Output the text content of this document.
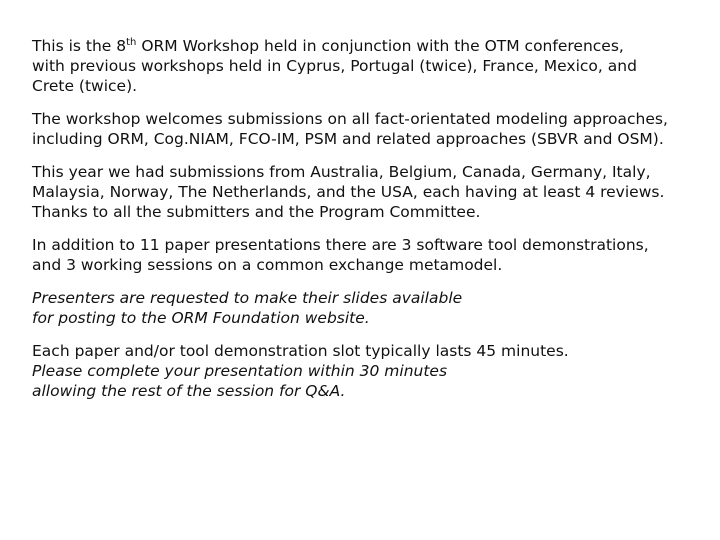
This is the 8th ORM Workshop held in conjunction with the OTM conferences,
with previous workshops held in Cyprus, Portugal (twice), France, Mexico, and
Crete (twice).
The workshop welcomes submissions on all fact-orientated modeling approaches,
including ORM, Cog.NIAM, FCO-IM, PSM and related approaches (SBVR and OSM).
This year we had submissions from Australia, Belgium, Canada, Germany, Italy,
Malaysia, Norway, The Netherlands, and the USA, each having at least 4 reviews.
Thanks to all the submitters and the Program Committee.
In addition to 11 paper presentations there are 3 software tool demonstrations,
and 3 working sessions on a common exchange metamodel.
Presenters are requested to make their slides available
for posting to the ORM Foundation website.
Each paper and/or tool demonstration slot typically lasts 45 minutes.
Please complete your presentation within 30 minutes
allowing the rest of the session for Q&A.
